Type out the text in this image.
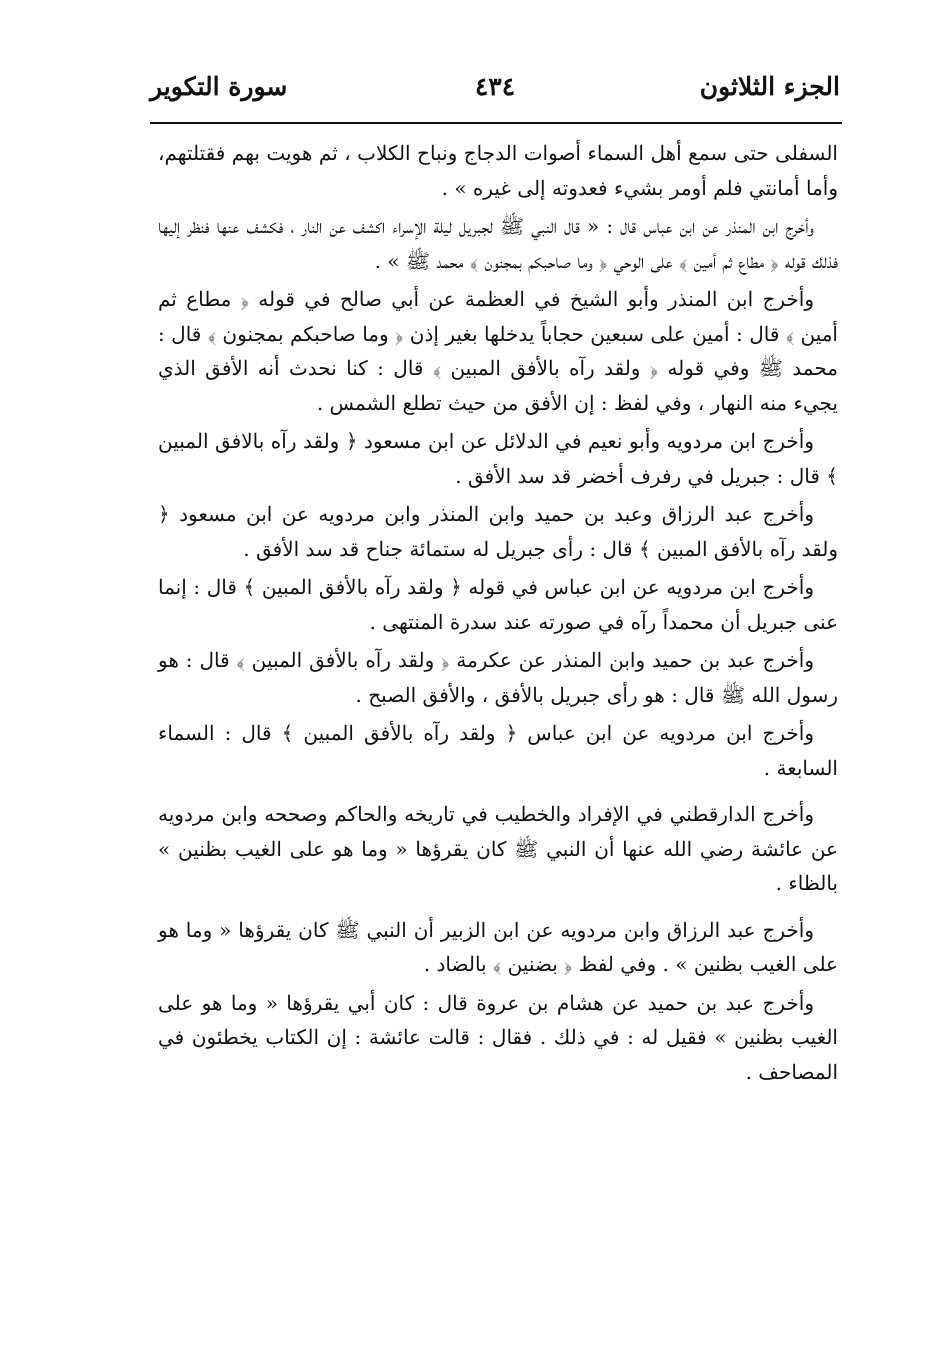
الجزء الثلاثون
٤٣٤
سورة التكوير

السفلى حتى سمع أهل السماء أصوات الدجاج ونباح الكلاب ، ثم هويت بهم فقتلتهم، وأما أمانتي فلم أومر بشيء فعدوته إلى غيره » .

وأخرج ابن المنذر عن ابن عباس قال : « قال النبي ﷺ لجبريل ليلة الإسراء اكشف عن النار ، فكشف عنها فنظر إليها فذلك قوله ﴿ مطاع ثم أمين ﴾ على الوحي ﴿ وما صاحبكم بمجنون ﴾ محمد ﷺ » .

وأخرج ابن المنذر وأبو الشيخ في العظمة عن أبي صالح في قوله ﴿ مطاع ثم أمين ﴾ قال : أمين على سبعين حجاباً يدخلها بغير إذن ﴿ وما صاحبكم بمجنون ﴾ قال : محمد ﷺ وفي قوله ﴿ ولقد رآه بالأفق المبين ﴾ قال : كنا نحدث أنه الأفق الذي يجيء منه النهار ، وفي لفظ : إن الأفق من حيث تطلع الشمس .

وأخرج ابن مردويه وأبو نعيم في الدلائل عن ابن مسعود ﴿ ولقد رآه بالافق المبين ﴾ قال : جبريل في رفرف أخضر قد سد الأفق .

وأخرج عبد الرزاق وعبد بن حميد وابن المنذر وابن مردويه عن ابن مسعود ﴿ ولقد رآه بالأفق المبين ﴾ قال : رأى جبريل له ستمائة جناح قد سد الأفق .

وأخرج ابن مردويه عن ابن عباس في قوله ﴿ ولقد رآه بالأفق المبين ﴾ قال : إنما عنى جبريل أن محمداً رآه في صورته عند سدرة المنتهى .

وأخرج عبد بن حميد وابن المنذر عن عكرمة ﴿ ولقد رآه بالأفق المبين ﴾ قال : هو رسول الله ﷺ قال : هو رأى جبريل بالأفق ، والأفق الصبح .

وأخرج ابن مردويه عن ابن عباس ﴿ ولقد رآه بالأفق المبين ﴾ قال : السماء السابعة .

وأخرج الدارقطني في الإفراد والخطيب في تاريخه والحاكم وصححه وابن مردويه عن عائشة رضي الله عنها أن النبي ﷺ كان يقرؤها « وما هو على الغيب بظنين » بالظاء .

وأخرج عبد الرزاق وابن مردويه عن ابن الزبير أن النبي ﷺ كان يقرؤها « وما هو على الغيب بظنين » . وفي لفظ ﴿ بضنين ﴾ بالضاد .

وأخرج عبد بن حميد عن هشام بن عروة قال : كان أبي يقرؤها « وما هو على الغيب بظنين » فقيل له : في ذلك . فقال : قالت عائشة : إن الكتاب يخطئون في المصاحف .
